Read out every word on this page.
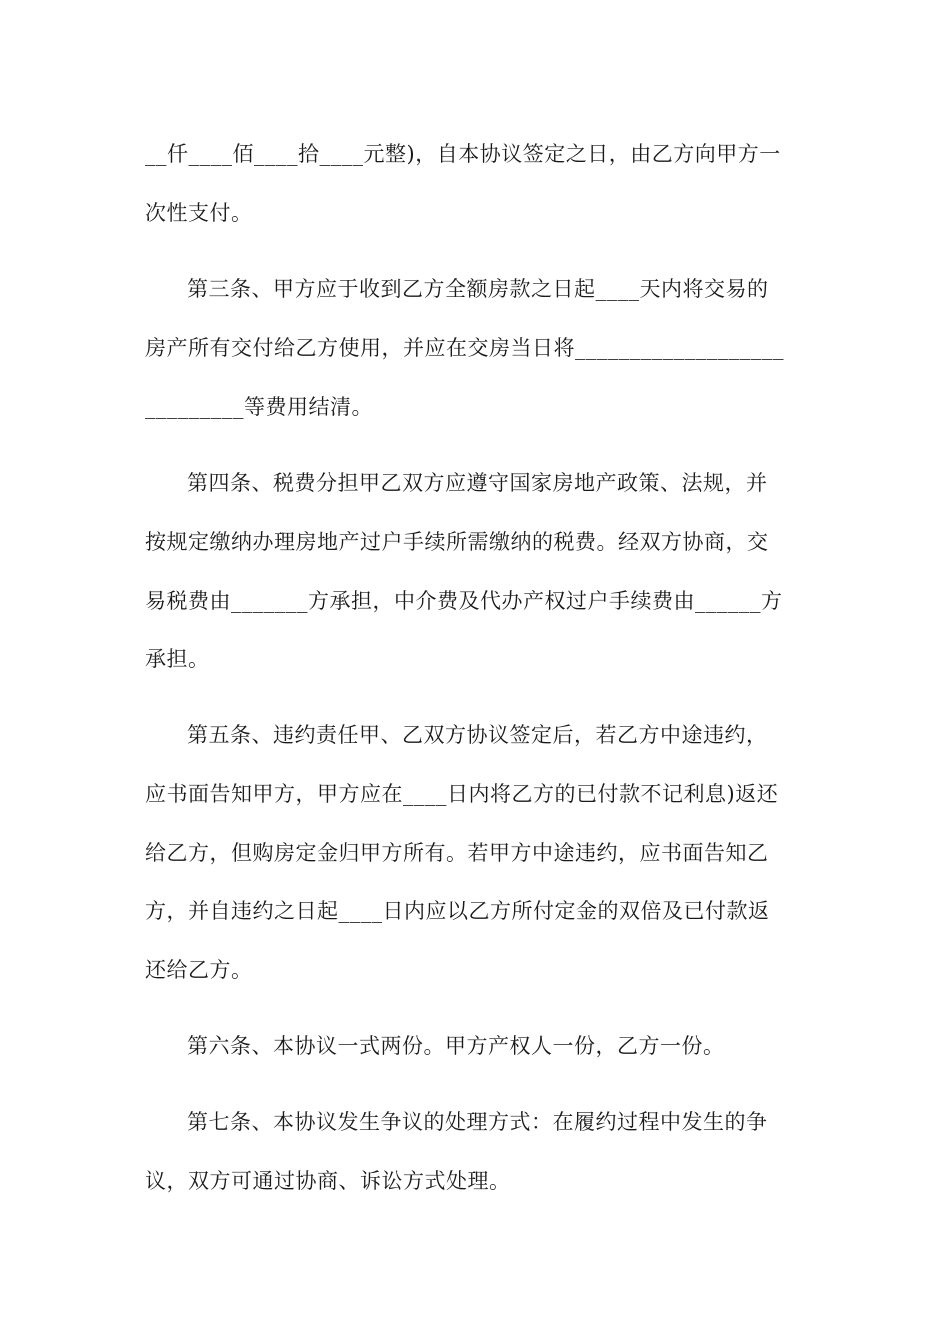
__仟____佰____拾____元整)，自本协议签定之日，由乙方向甲方一
次性支付。
第三条、甲方应于收到乙方全额房款之日起____天内将交易的
房产所有交付给乙方使用，并应在交房当日将___________________
_________等费用结清。
第四条、税费分担甲乙双方应遵守国家房地产政策、法规，并
按规定缴纳办理房地产过户手续所需缴纳的税费。经双方协商，交
易税费由_______方承担，中介费及代办产权过户手续费由______方
承担。
第五条、违约责任甲、乙双方协议签定后，若乙方中途违约，
应书面告知甲方，甲方应在____日内将乙方的已付款不记利息)返还
给乙方，但购房定金归甲方所有。若甲方中途违约，应书面告知乙
方，并自违约之日起____日内应以乙方所付定金的双倍及已付款返
还给乙方。
第六条、本协议一式两份。甲方产权人一份，乙方一份。
第七条、本协议发生争议的处理方式：在履约过程中发生的争
议，双方可通过协商、诉讼方式处理。
